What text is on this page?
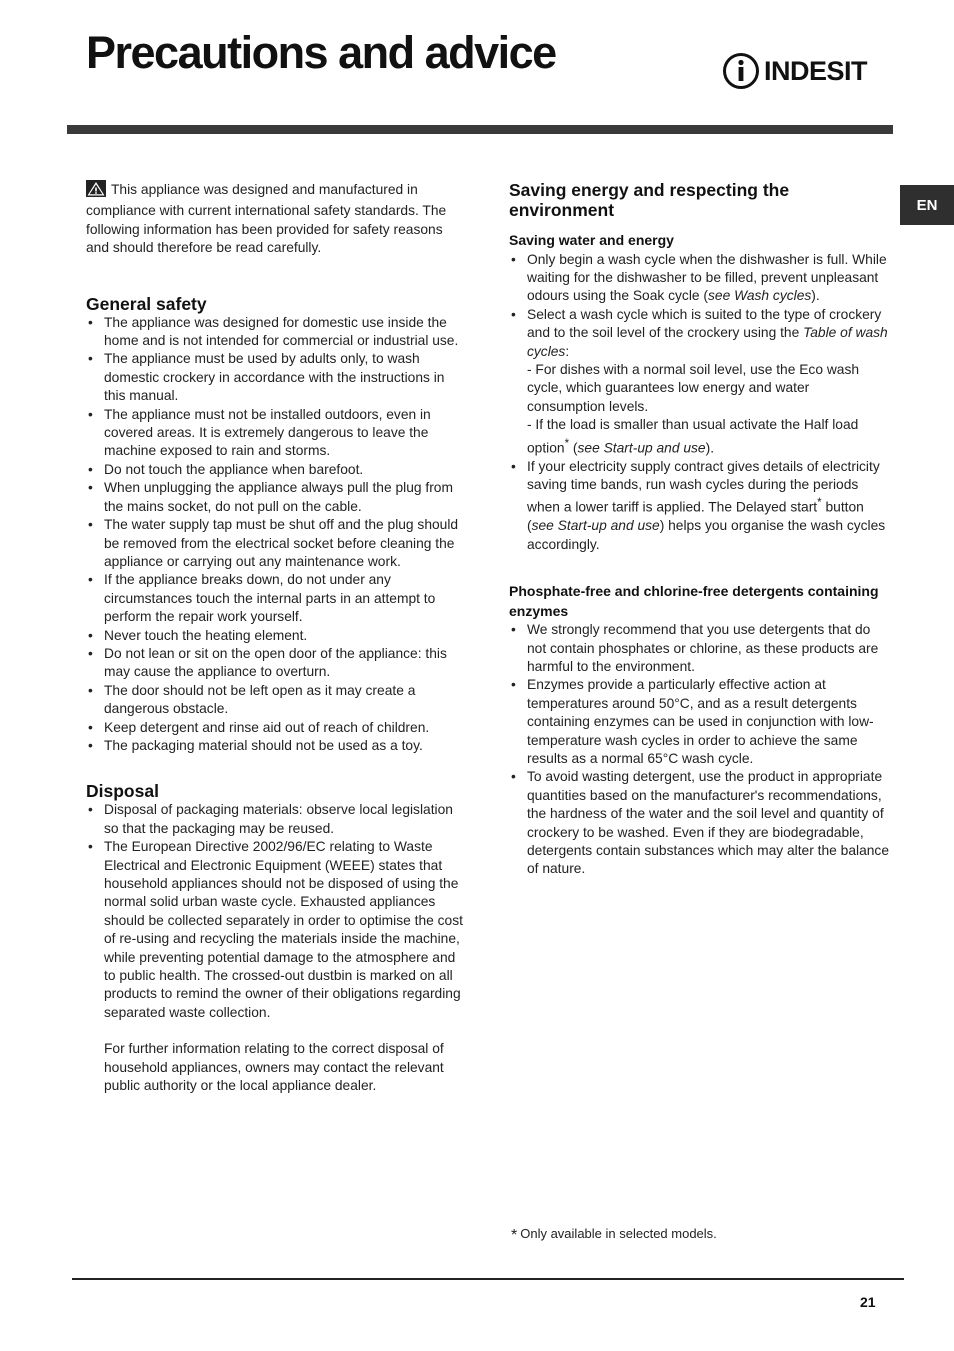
Precautions and advice	INDESIT
EN

This appliance was designed and manufactured in compliance with current international safety standards. The following information has been provided for safety reasons and should therefore be read carefully.

General safety
• The appliance was designed for domestic use inside the home and is not intended for commercial or industrial use.
• The appliance must be used by adults only, to wash domestic crockery in accordance with the instructions in this manual.
• The appliance must not be installed outdoors, even in covered areas. It is extremely dangerous to leave the machine exposed to rain and storms.
• Do not touch the appliance when barefoot.
• When unplugging the appliance always pull the plug from the mains socket, do not pull on the cable.
• The water supply tap must be shut off and the plug should be removed from the electrical socket before cleaning the appliance or carrying out any maintenance work.
• If the appliance breaks down, do not under any circumstances touch the internal parts in an attempt to perform the repair work yourself.
• Never touch the heating element.
• Do not lean or sit on the open door of the appliance: this may cause the appliance to overturn.
• The door should not be left open as it may create a dangerous obstacle.
• Keep detergent and rinse aid out of reach of children.
• The packaging material should not be used as a toy.
Disposal
• Disposal of packaging materials: observe local legislation so that the packaging may be reused.
• The European Directive 2002/96/EC relating to Waste Electrical and Electronic Equipment (WEEE) states that household appliances should not be disposed of using the normal solid urban waste cycle. Exhausted appliances should be collected separately in order to optimise the cost of re-using and recycling the materials inside the machine, while preventing potential damage to the atmosphere and to public health. The crossed-out dustbin is marked on all products to remind the owner of their obligations regarding separated waste collection.

For further information relating to the correct disposal of household appliances, owners may contact the relevant public authority or the local appliance dealer.

Saving energy and respecting the environment
Saving water and energy
• Only begin a wash cycle when the dishwasher is full. While waiting for the dishwasher to be filled, prevent unpleasant odours using the Soak cycle (see Wash cycles).
• Select a wash cycle which is suited to the type of crockery and to the soil level of the crockery using the Table of wash cycles:
- For dishes with a normal soil level, use the Eco wash cycle, which guarantees low energy and water consumption levels.
- If the load is smaller than usual activate the Half load option* (see Start-up and use).
• If your electricity supply contract gives details of electricity saving time bands, run wash cycles during the periods when a lower tariff is applied. The Delayed start* button (see Start-up and use) helps you organise the wash cycles accordingly.
Phosphate-free and chlorine-free detergents containing enzymes
• We strongly recommend that you use detergents that do not contain phosphates or chlorine, as these products are harmful to the environment.
• Enzymes provide a particularly effective action at temperatures around 50°C, and as a result detergents containing enzymes can be used in conjunction with low-temperature wash cycles in order to achieve the same results as a normal 65°C wash cycle.
• To avoid wasting detergent, use the product in appropriate quantities based on the manufacturer's recommendations, the hardness of the water and the soil level and quantity of crockery to be washed. Even if they are biodegradable, detergents contain substances which may alter the balance of nature.
* Only available in selected models.
21
